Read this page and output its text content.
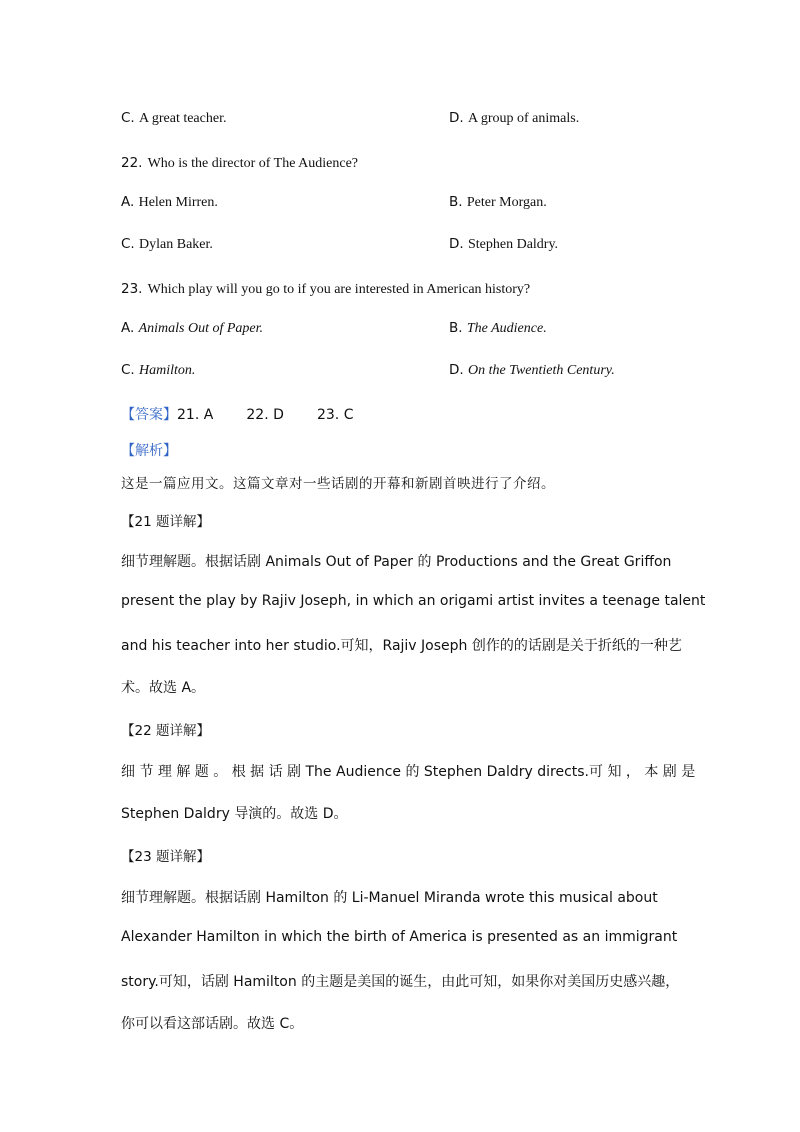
C. A great teacher.	D. A group of animals.
22. Who is the director of The Audience?
A. Helen Mirren.	B. Peter Morgan.
C. Dylan Baker.	D. Stephen Daldry.
23. Which play will you go to if you are interested in American history?
A. Animals Out of Paper.	B. The Audience.
C. Hamilton.	D. On the Twentieth Century.
【答案】21. A 22. D 23. C
【解析】
这是一篇应用文。这篇文章对一些话剧的开幕和新剧首映进行了介绍。
【21 题详解】
细节理解题。根据话剧 Animals Out of Paper 的 Productions and the Great Griffon
present the play by Rajiv Joseph, in which an origami artist invites a teenage talent
and his teacher into her studio.可知，Rajiv Joseph 创作的的话剧是关于折纸的一种艺
术。故选 A。
【22 题详解】
细 节 理 解 题 。 根 据 话 剧 The Audience 的 Stephen Daldry directs.可 知 ， 本 剧 是
Stephen Daldry 导演的。故选 D。
【23 题详解】
细节理解题。根据话剧 Hamilton 的 Li-Manuel Miranda wrote this musical about
Alexander Hamilton in which the birth of America is presented as an immigrant
story.可知，话剧 Hamilton 的主题是美国的诞生，由此可知，如果你对美国历史感兴趣，
你可以看这部话剧。故选 C。
